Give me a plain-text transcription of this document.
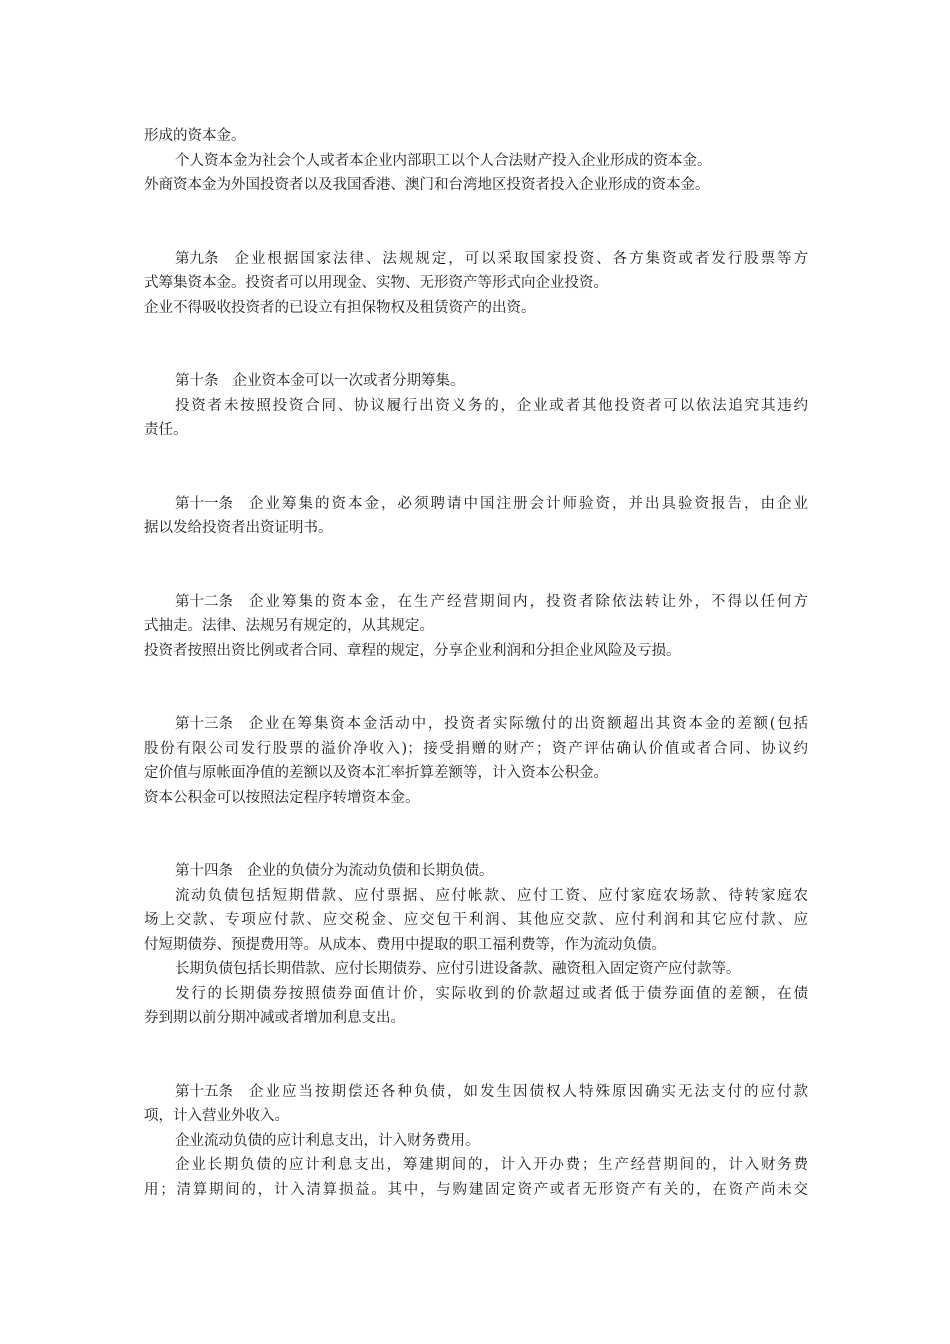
形成的资本金。
个人资本金为社会个人或者本企业内部职工以个人合法财产投入企业形成的资本金。
外商资本金为外国投资者以及我国香港、澳门和台湾地区投资者投入企业形成的资本金。
第九条 企业根据国家法律、法规规定，可以采取国家投资、各方集资或者发行股票等方
式筹集资本金。投资者可以用现金、实物、无形资产等形式向企业投资。
企业不得吸收投资者的已设立有担保物权及租赁资产的出资。
第十条 企业资本金可以一次或者分期筹集。
投资者未按照投资合同、协议履行出资义务的，企业或者其他投资者可以依法追究其违约
责任。
第十一条 企业筹集的资本金，必须聘请中国注册会计师验资，并出具验资报告，由企业
据以发给投资者出资证明书。
第十二条 企业筹集的资本金，在生产经营期间内，投资者除依法转让外，不得以任何方
式抽走。法律、法规另有规定的，从其规定。
投资者按照出资比例或者合同、章程的规定，分享企业利润和分担企业风险及亏损。
第十三条 企业在筹集资本金活动中，投资者实际缴付的出资额超出其资本金的差额(包括
股份有限公司发行股票的溢价净收入)；接受捐赠的财产；资产评估确认价值或者合同、协议约
定价值与原帐面净值的差额以及资本汇率折算差额等，计入资本公积金。
资本公积金可以按照法定程序转增资本金。
第十四条 企业的负债分为流动负债和长期负债。
流动负债包括短期借款、应付票据、应付帐款、应付工资、应付家庭农场款、待转家庭农
场上交款、专项应付款、应交税金、应交包干利润、其他应交款、应付利润和其它应付款、应
付短期债券、预提费用等。从成本、费用中提取的职工福利费等，作为流动负债。
长期负债包括长期借款、应付长期债券、应付引进设备款、融资租入固定资产应付款等。
发行的长期债券按照债券面值计价，实际收到的价款超过或者低于债券面值的差额，在债
券到期以前分期冲减或者增加利息支出。
第十五条 企业应当按期偿还各种负债，如发生因债权人特殊原因确实无法支付的应付款
项，计入营业外收入。
企业流动负债的应计利息支出，计入财务费用。
企业长期负债的应计利息支出，筹建期间的，计入开办费；生产经营期间的，计入财务费
用；清算期间的，计入清算损益。其中，与购建固定资产或者无形资产有关的，在资产尚未交
